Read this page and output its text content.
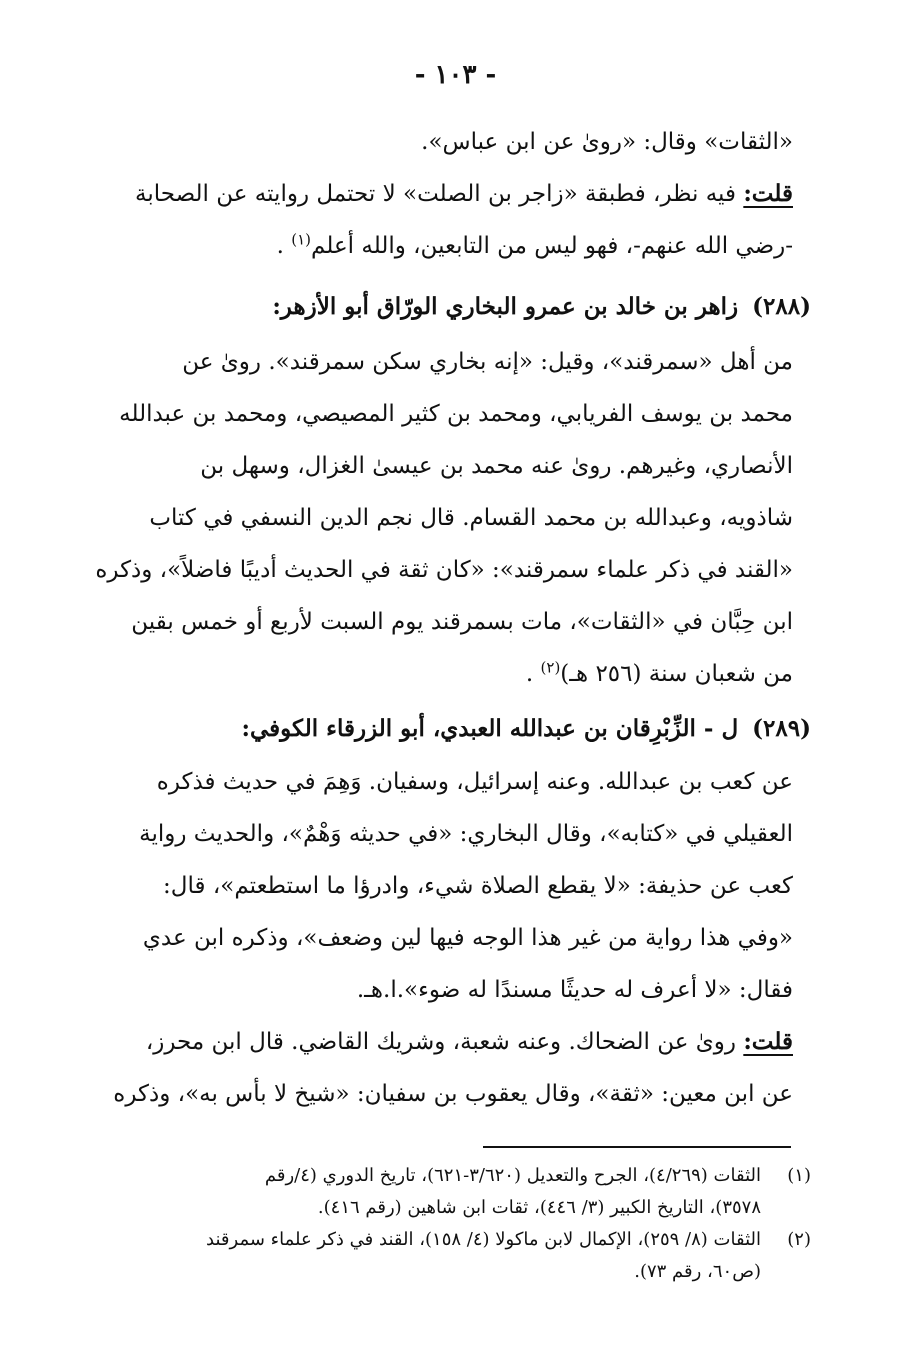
- ١٠٣ -
«الثقات» وقال: «روىٰ عن ابن عباس».
قلت: فيه نظر، فطبقة «زاجر بن الصلت» لا تحتمل روايته عن الصحابة
-رضي الله عنهم-، فهو ليس من التابعين، والله أعلم$^{(١)}$ .
(٢٨٨)زاهر بن خالد بن عمرو البخاري الورّاق أبو الأزهر:
من أهل «سمرقند»، وقيل: «إنه بخاري سكن سمرقند». روىٰ عن
محمد بن يوسف الفريابي، ومحمد بن كثير المصيصي، ومحمد بن عبدالله
الأنصاري، وغيرهم. روىٰ عنه محمد بن عيسىٰ الغزال، وسهل بن
شاذويه، وعبدالله بن محمد القسام. قال نجم الدين النسفي في كتاب
«القند في ذكر علماء سمرقند»: «كان ثقة في الحديث أديبًا فاضلاً»، وذكره
ابن حِبَّان في «الثقات»، مات بسمرقند يوم السبت لأربع أو خمس بقين
من شعبان سنة (٢٥٦ هـ)$^{(٢)}$ .
(٢٨٩)ل - الزِّبْرِقان بن عبدالله العبدي، أبو الزرقاء الكوفي:
عن كعب بن عبدالله. وعنه إسرائيل، وسفيان. وَهِمَ في حديث فذكره
العقيلي في «كتابه»، وقال البخاري: «في حديثه وَهْمٌ»، والحديث رواية
كعب عن حذيفة: «لا يقطع الصلاة شيء، وادرؤا ما استطعتم»، قال:
«وفي هذا رواية من غير هذا الوجه فيها لين وضعف»، وذكره ابن عدي
فقال: «لا أعرف له حديثًا مسندًا له ضوء».ا.هـ.
قلت: روىٰ عن الضحاك. وعنه شعبة، وشريك القاضي. قال ابن محرز،
عن ابن معين: «ثقة»، وقال يعقوب بن سفيان: «شيخ لا بأس به»، وذكره
(١)الثقات (٤/٢٦٩)، الجرح والتعديل (٣/٦٢٠-٦٢١)، تاريخ الدوري (٤/رقم
٣٥٧٨)، التاريخ الكبير (٣/ ٤٤٦)، ثقات ابن شاهين (رقم ٤١٦).
(٢)الثقات (٨/ ٢٥٩)، الإكمال لابن ماكولا (٤/ ١٥٨)، القند في ذكر علماء سمرقند
(ص٦٠، رقم ٧٣).
